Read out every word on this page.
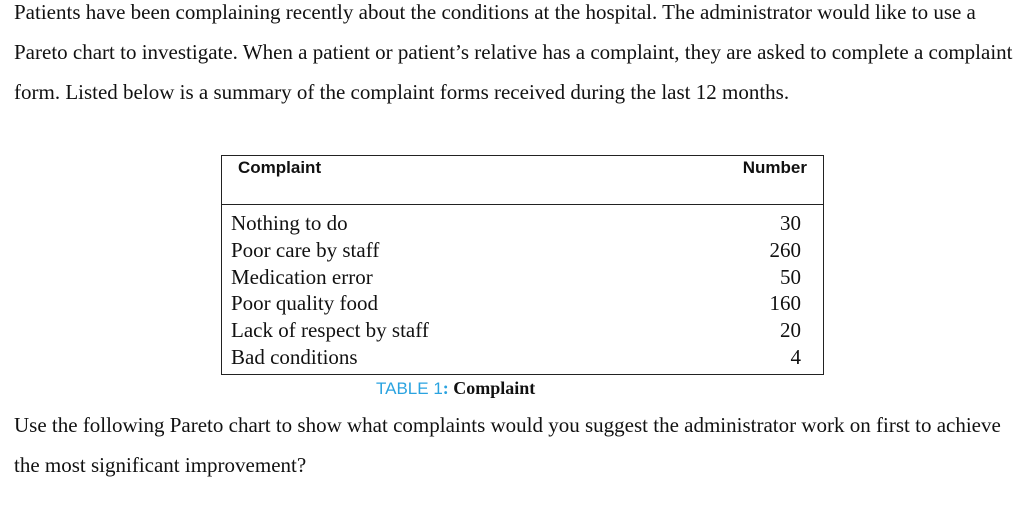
Patients have been complaining recently about the conditions at the hospital. The administrator would like to use a Pareto chart to investigate. When a patient or patient’s relative has a complaint, they are asked to complete a complaint form. Listed below is a summary of the complaint forms received during the last 12 months.

Complaint	Number
Nothing to do	30
Poor care by staff	260
Medication error	50
Poor quality food	160
Lack of respect by staff	20
Bad conditions	4
TABLE 1: Complaint

Use the following Pareto chart to show what complaints would you suggest the administrator work on first to achieve the most significant improvement?
